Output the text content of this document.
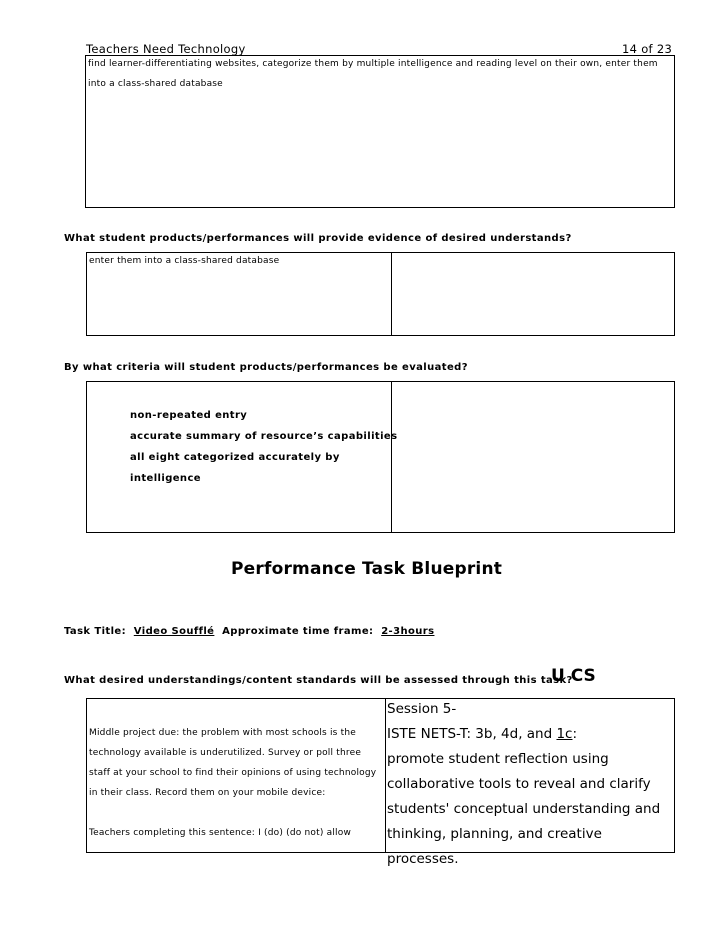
Teachers Need Technology	14 of 23
find learner-differentiating websites, categorize them by multiple intelligence and reading level on their own, enter them into a class-shared database
What student products/performances will provide evidence of desired understands?
enter them into a class-shared database
By what criteria will student products/performances be evaluated?
non-repeated entry
accurate summary of resource’s capabilities
all eight categorized accurately by
intelligence
Performance Task Blueprint
Task Title: Video Soufflé Approximate time frame: 2-3hours
What desired understandings/content standards will be assessed through this task?
U CS
Middle project due: the problem with most schools is the
technology available is underutilized. Survey or poll three
staff at your school to find their opinions of using technology
in their class. Record them on your mobile device:
Teachers completing this sentence: I (do) (do not) allow
Session 5-
ISTE NETS-T: 3b, 4d, and 1c:
promote student reflection using
collaborative tools to reveal and clarify
students' conceptual understanding and
thinking, planning, and creative processes.
